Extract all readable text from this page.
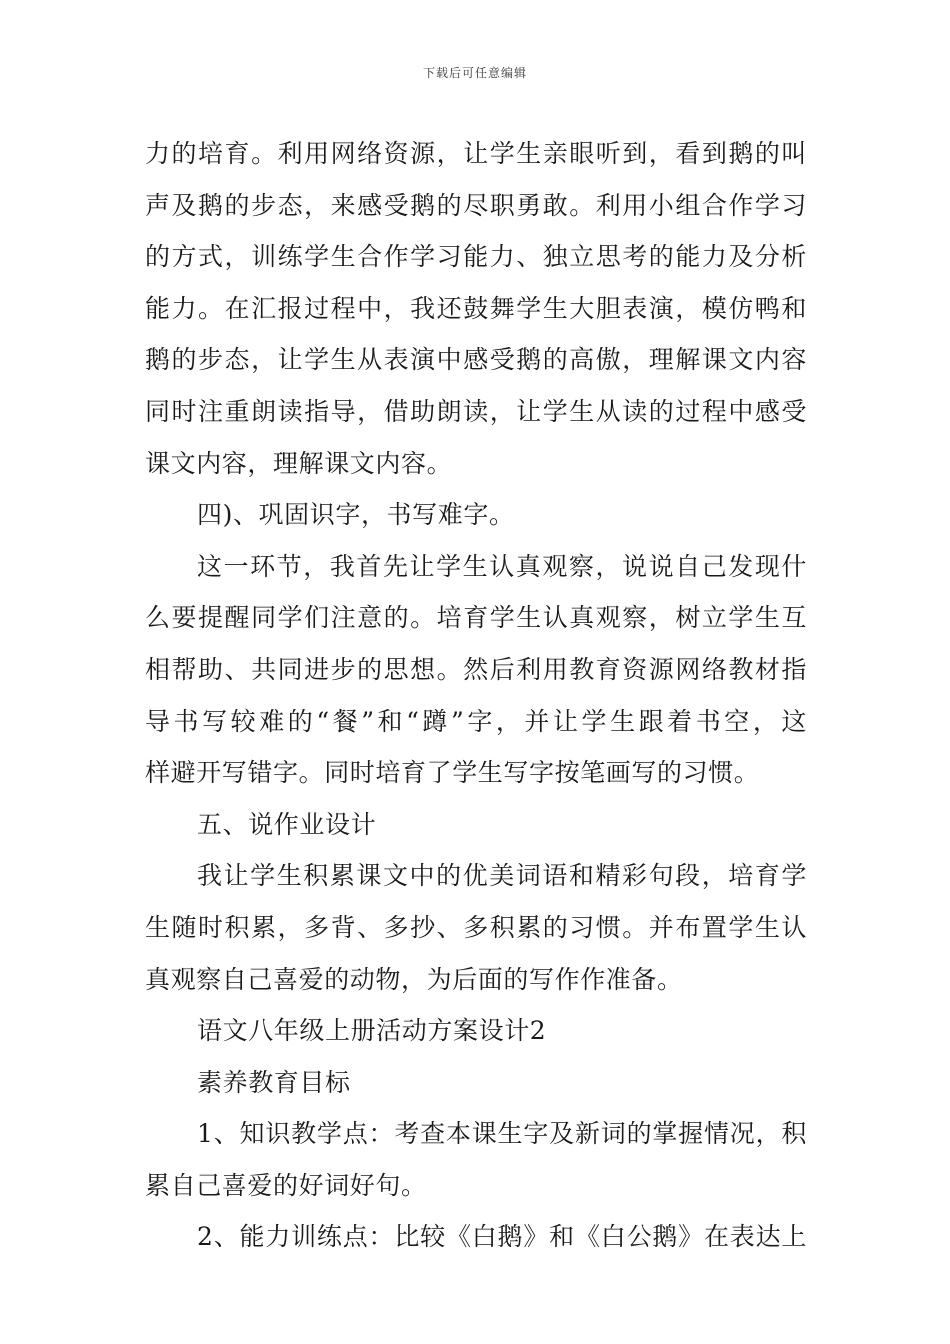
下载后可任意编辑
力的培育。利用网络资源，让学生亲眼听到，看到鹅的叫
声及鹅的步态，来感受鹅的尽职勇敢。利用小组合作学习
的方式，训练学生合作学习能力、独立思考的能力及分析
能力。在汇报过程中，我还鼓舞学生大胆表演，模仿鸭和
鹅的步态，让学生从表演中感受鹅的高傲，理解课文内容
同时注重朗读指导，借助朗读，让学生从读的过程中感受
课文内容，理解课文内容。
四)、巩固识字，书写难字。
这一环节，我首先让学生认真观察，说说自己发现什
么要提醒同学们注意的。培育学生认真观察，树立学生互
相帮助、共同进步的思想。然后利用教育资源网络教材指
导书写较难的“餐”和“蹲”字，并让学生跟着书空，这
样避开写错字。同时培育了学生写字按笔画写的习惯。
五、说作业设计
我让学生积累课文中的优美词语和精彩句段，培育学
生随时积累，多背、多抄、多积累的习惯。并布置学生认
真观察自己喜爱的动物，为后面的写作作准备。
语文八年级上册活动方案设计2
素养教育目标
1、知识教学点：考查本课生字及新词的掌握情况，积
累自己喜爱的好词好句。
2、能力训练点：比较《白鹅》和《白公鹅》在表达上
